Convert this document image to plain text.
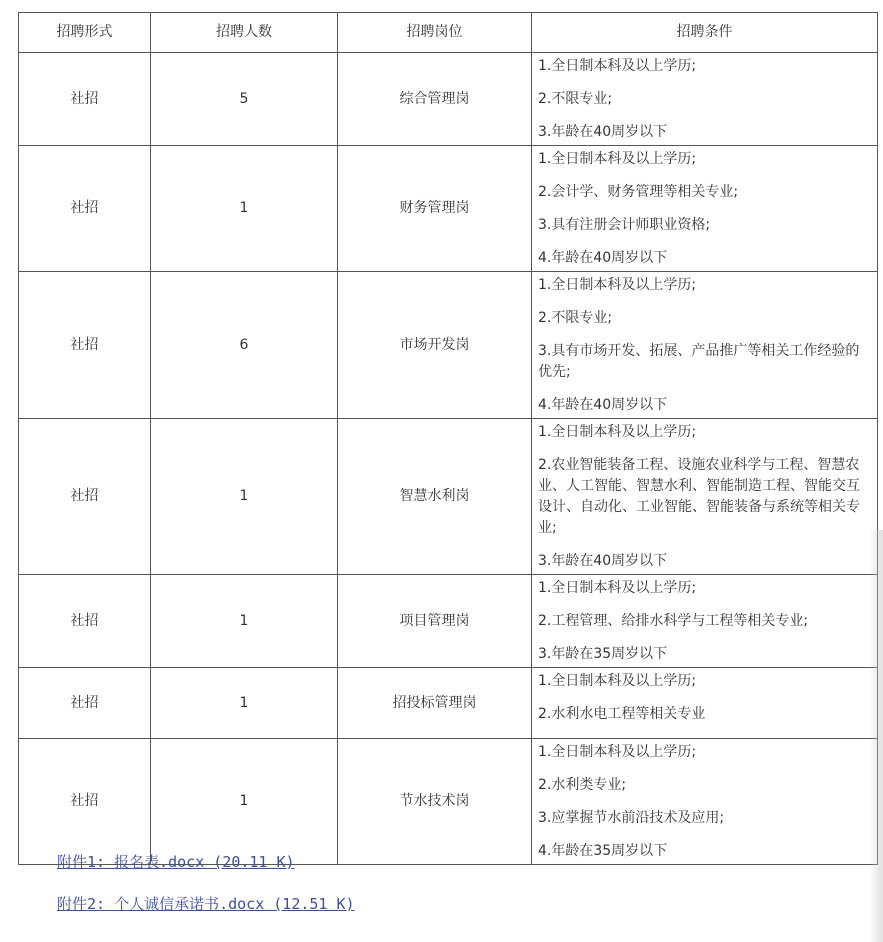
招聘形式	招聘人数	招聘岗位	招聘条件
社招	5	综合管理岗	1.全日制本科及以上学历;

2.不限专业;

3.年龄在40周岁以下

社招	1	财务管理岗	1.全日制本科及以上学历;

2.会计学、财务管理等相关专业;

3.具有注册会计师职业资格;

4.年龄在40周岁以下

社招	6	市场开发岗	1.全日制本科及以上学历;

2.不限专业;

3.具有市场开发、拓展、产品推广等相关工作经验的优先;

4.年龄在40周岁以下

社招	1	智慧水利岗	1.全日制本科及以上学历;

2.农业智能装备工程、设施农业科学与工程、智慧农业、人工智能、智慧水利、智能制造工程、智能交互设计、自动化、工业智能、智能装备与系统等相关专业;

3.年龄在40周岁以下

社招	1	项目管理岗	1.全日制本科及以上学历;

2.工程管理、给排水科学与工程等相关专业;

3.年龄在35周岁以下

社招	1	招投标管理岗	1.全日制本科及以上学历;

2.水利水电工程等相关专业

社招	1	节水技术岗	1.全日制本科及以上学历;

2.水利类专业;

3.应掌握节水前沿技术及应用;

4.年龄在35周岁以下

附件1: 报名表.docx (20.11 K)
附件2: 个人诚信承诺书.docx (12.51 K)
